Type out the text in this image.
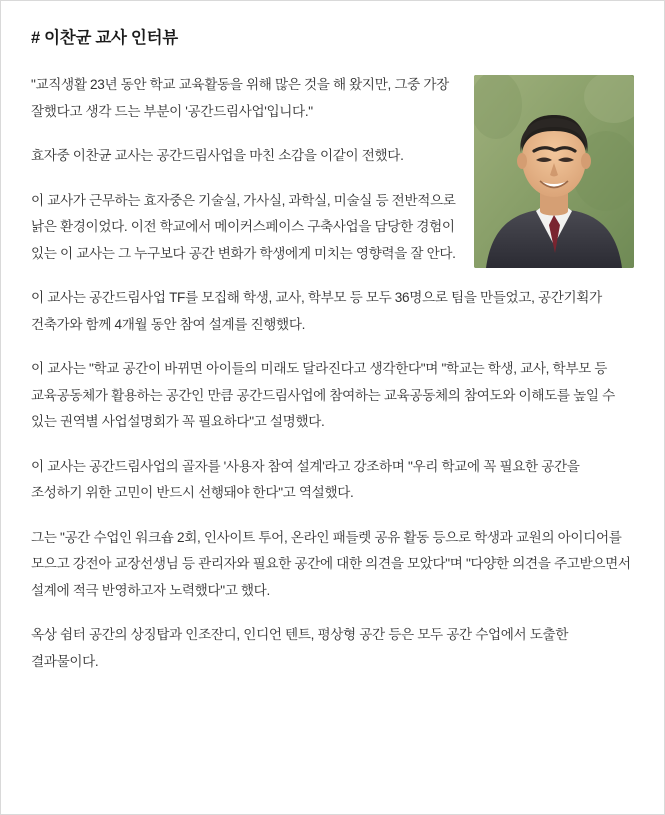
# 이찬균 교사 인터뷰

"교직생활 23년 동안 학교 교육활동을 위해 많은 것을 해 왔지만, 그중 가장 잘했다고 생각 드는 부분이 '공간드림사업'입니다."

효자중 이찬균 교사는 공간드림사업을 마친 소감을 이같이 전했다.

이 교사가 근무하는 효자중은 기술실, 가사실, 과학실, 미술실 등 전반적으로 낡은 환경이었다. 이전 학교에서 메이커스페이스 구축사업을 담당한 경험이 있는 이 교사는 그 누구보다 공간 변화가 학생에게 미치는 영향력을 잘 안다.

이 교사는 공간드림사업 TF를 모집해 학생, 교사, 학부모 등 모두 36명으로 팀을 만들었고, 공간기획가 건축가와 함께 4개월 동안 참여 설계를 진행했다.

이 교사는 "학교 공간이 바뀌면 아이들의 미래도 달라진다고 생각한다"며 "학교는 학생, 교사, 학부모 등 교육공동체가 활용하는 공간인 만큼 공간드림사업에 참여하는 교육공동체의 참여도와 이해도를 높일 수 있는 권역별 사업설명회가 꼭 필요하다"고 설명했다.

이 교사는 공간드림사업의 골자를 '사용자 참여 설계'라고 강조하며 "우리 학교에 꼭 필요한 공간을 조성하기 위한 고민이 반드시 선행돼야 한다"고 역설했다.

그는 "공간 수업인 워크숍 2회, 인사이트 투어, 온라인 패들렛 공유 활동 등으로 학생과 교원의 아이디어를 모으고 강전아 교장선생님 등 관리자와 필요한 공간에 대한 의견을 모았다"며 "다양한 의견을 주고받으면서 설계에 적극 반영하고자 노력했다"고 했다.

옥상 쉼터 공간의 상징탑과 인조잔디, 인디언 텐트, 평상형 공간 등은 모두 공간 수업에서 도출한 결과물이다.
